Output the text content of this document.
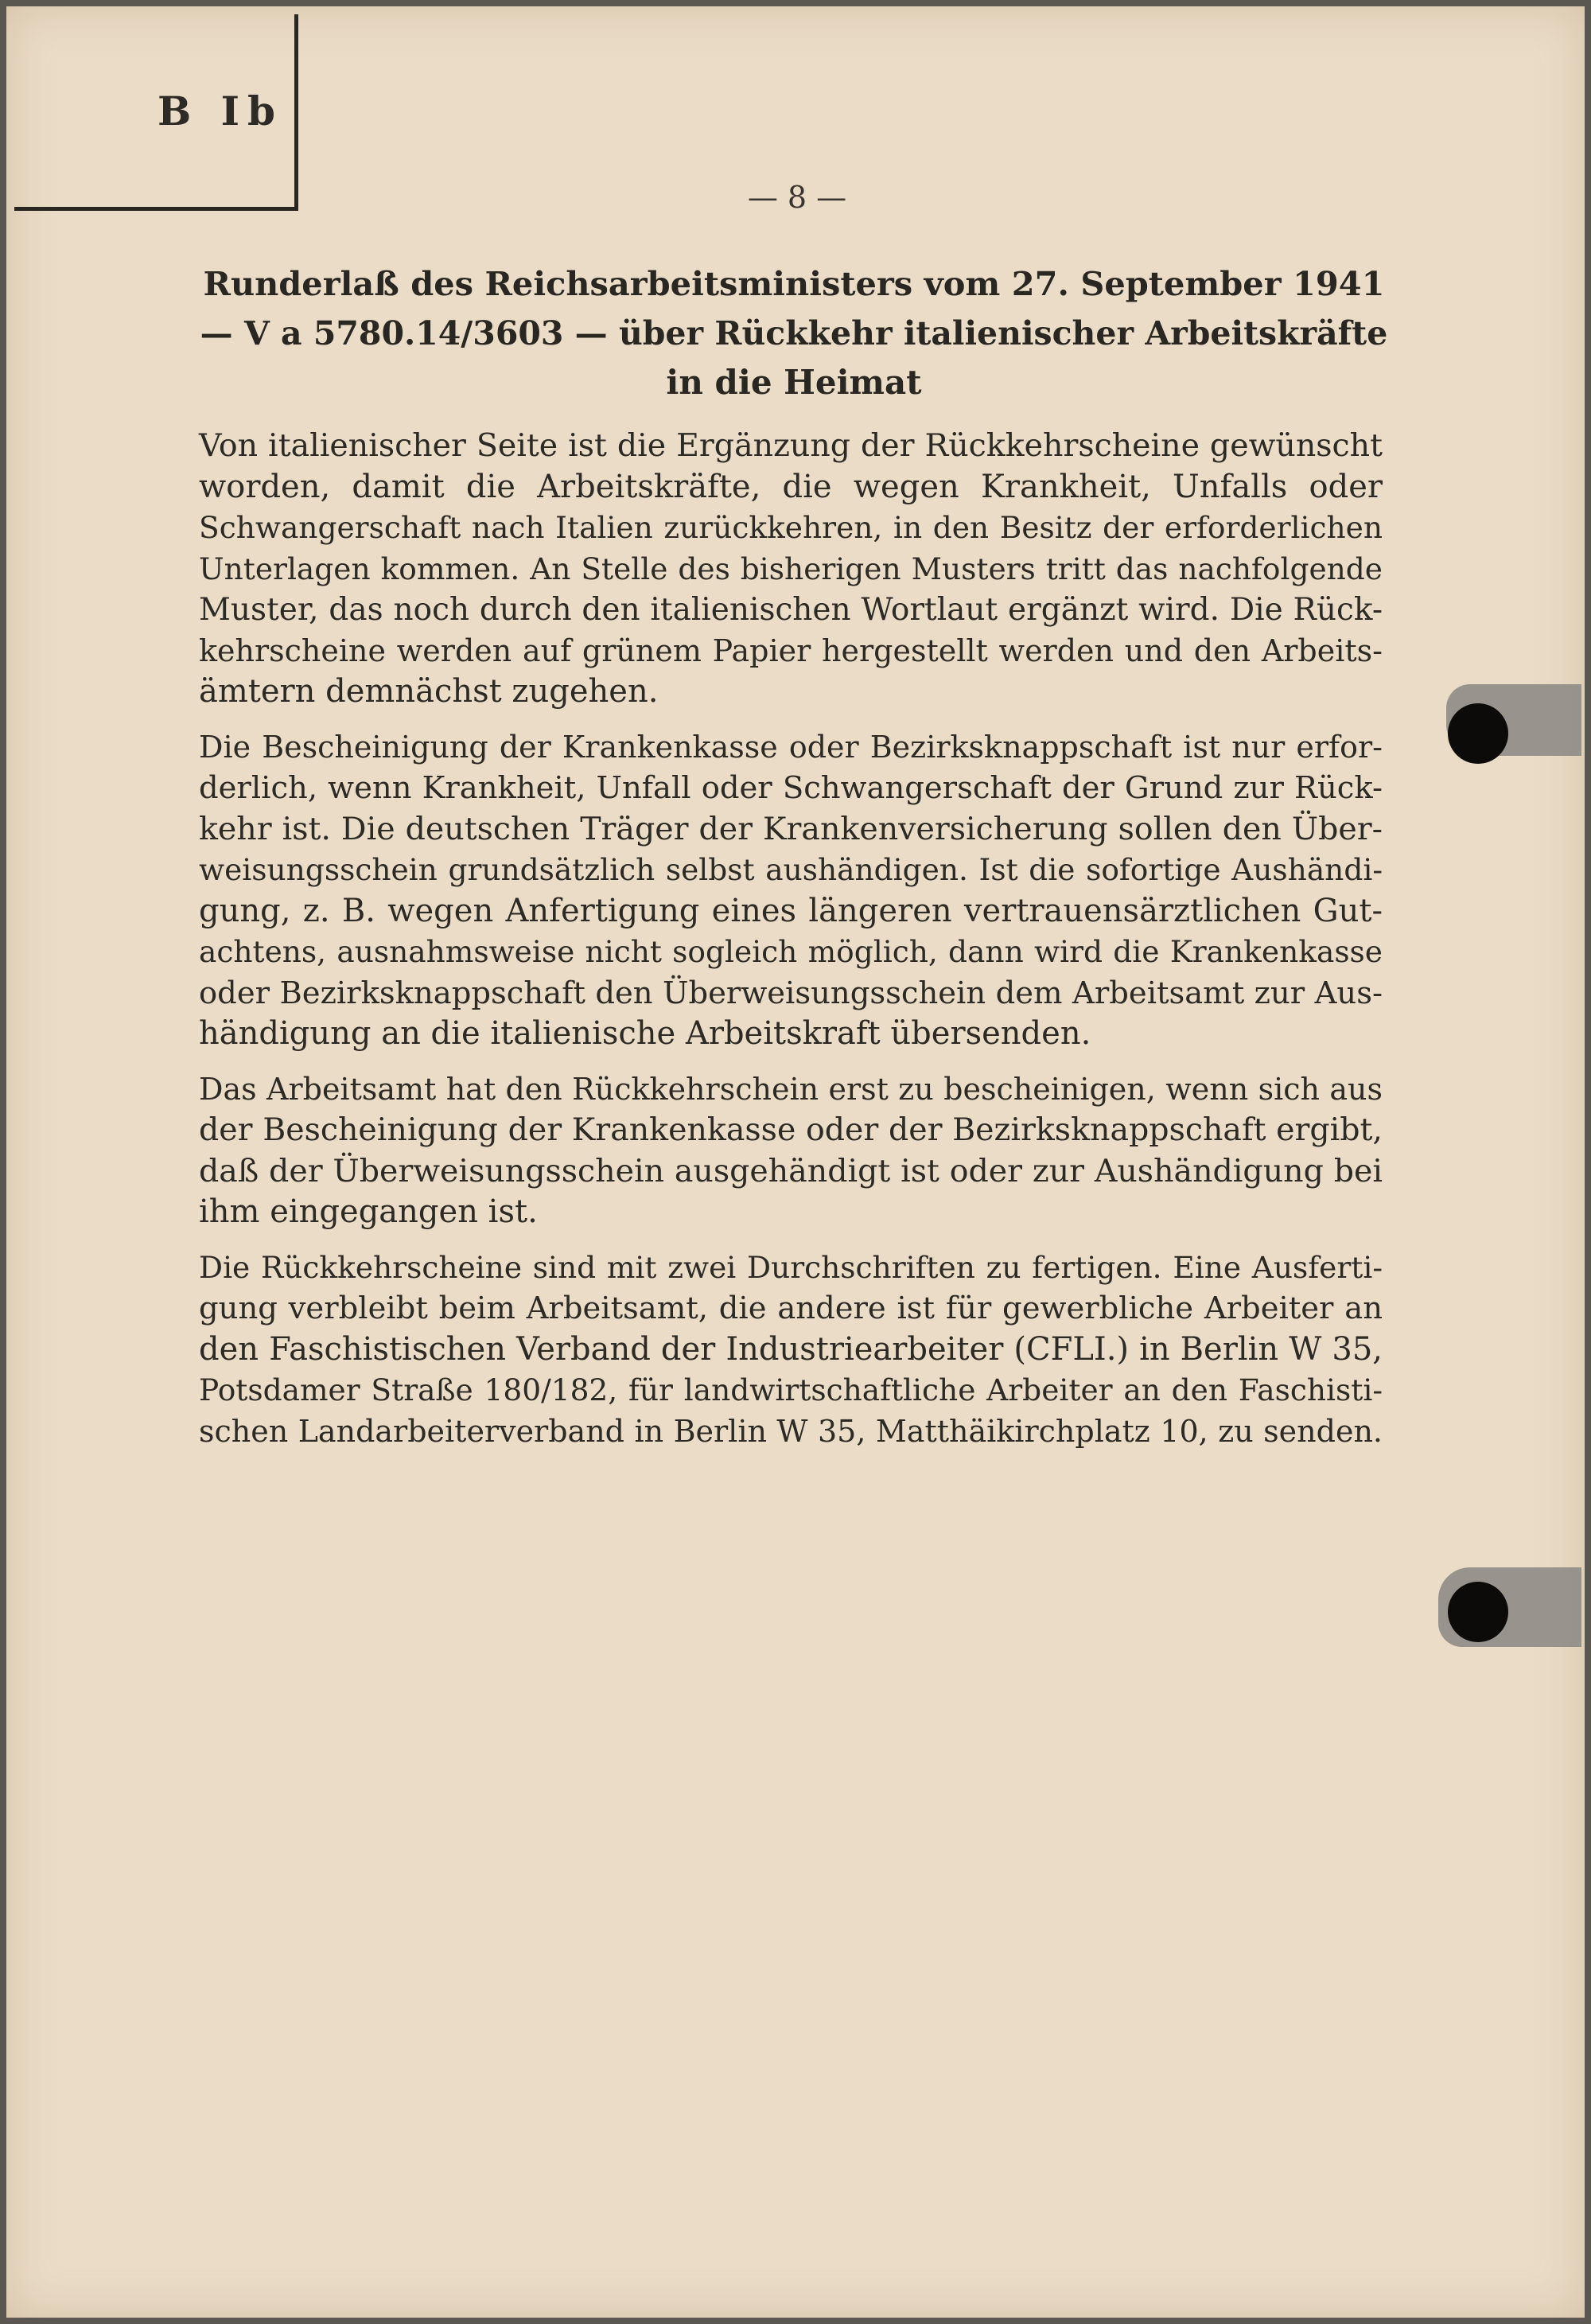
B Ib
— 8 —
Runderlaß des Reichsarbeitsministers vom 27. September 1941
— V a 5780.14/3603 — über Rückkehr italienischer Arbeitskräfte
in die Heimat
Von italienischer Seite ist die Ergänzung der Rückkehrscheine gewünscht
worden, damit die Arbeitskräfte, die wegen Krankheit, Unfalls oder
Schwangerschaft nach Italien zurückkehren, in den Besitz der erforderlichen
Unterlagen kommen. An Stelle des bisherigen Musters tritt das nachfolgende
Muster, das noch durch den italienischen Wortlaut ergänzt wird. Die Rück-
kehrscheine werden auf grünem Papier hergestellt werden und den Arbeits-
ämtern demnächst zugehen.
Die Bescheinigung der Krankenkasse oder Bezirksknappschaft ist nur erfor-
derlich, wenn Krankheit, Unfall oder Schwangerschaft der Grund zur Rück-
kehr ist. Die deutschen Träger der Krankenversicherung sollen den Über-
weisungsschein grundsätzlich selbst aushändigen. Ist die sofortige Aushändi-
gung, z. B. wegen Anfertigung eines längeren vertrauensärztlichen Gut-
achtens, ausnahmsweise nicht sogleich möglich, dann wird die Krankenkasse
oder Bezirksknappschaft den Überweisungsschein dem Arbeitsamt zur Aus-
händigung an die italienische Arbeitskraft übersenden.
Das Arbeitsamt hat den Rückkehrschein erst zu bescheinigen, wenn sich aus
der Bescheinigung der Krankenkasse oder der Bezirksknappschaft ergibt,
daß der Überweisungsschein ausgehändigt ist oder zur Aushändigung bei
ihm eingegangen ist.
Die Rückkehrscheine sind mit zwei Durchschriften zu fertigen. Eine Ausferti-
gung verbleibt beim Arbeitsamt, die andere ist für gewerbliche Arbeiter an
den Faschistischen Verband der Industriearbeiter (CFLI.) in Berlin W 35,
Potsdamer Straße 180/182, für landwirtschaftliche Arbeiter an den Faschisti-
schen Landarbeiterverband in Berlin W 35, Matthäikirchplatz 10, zu senden.
